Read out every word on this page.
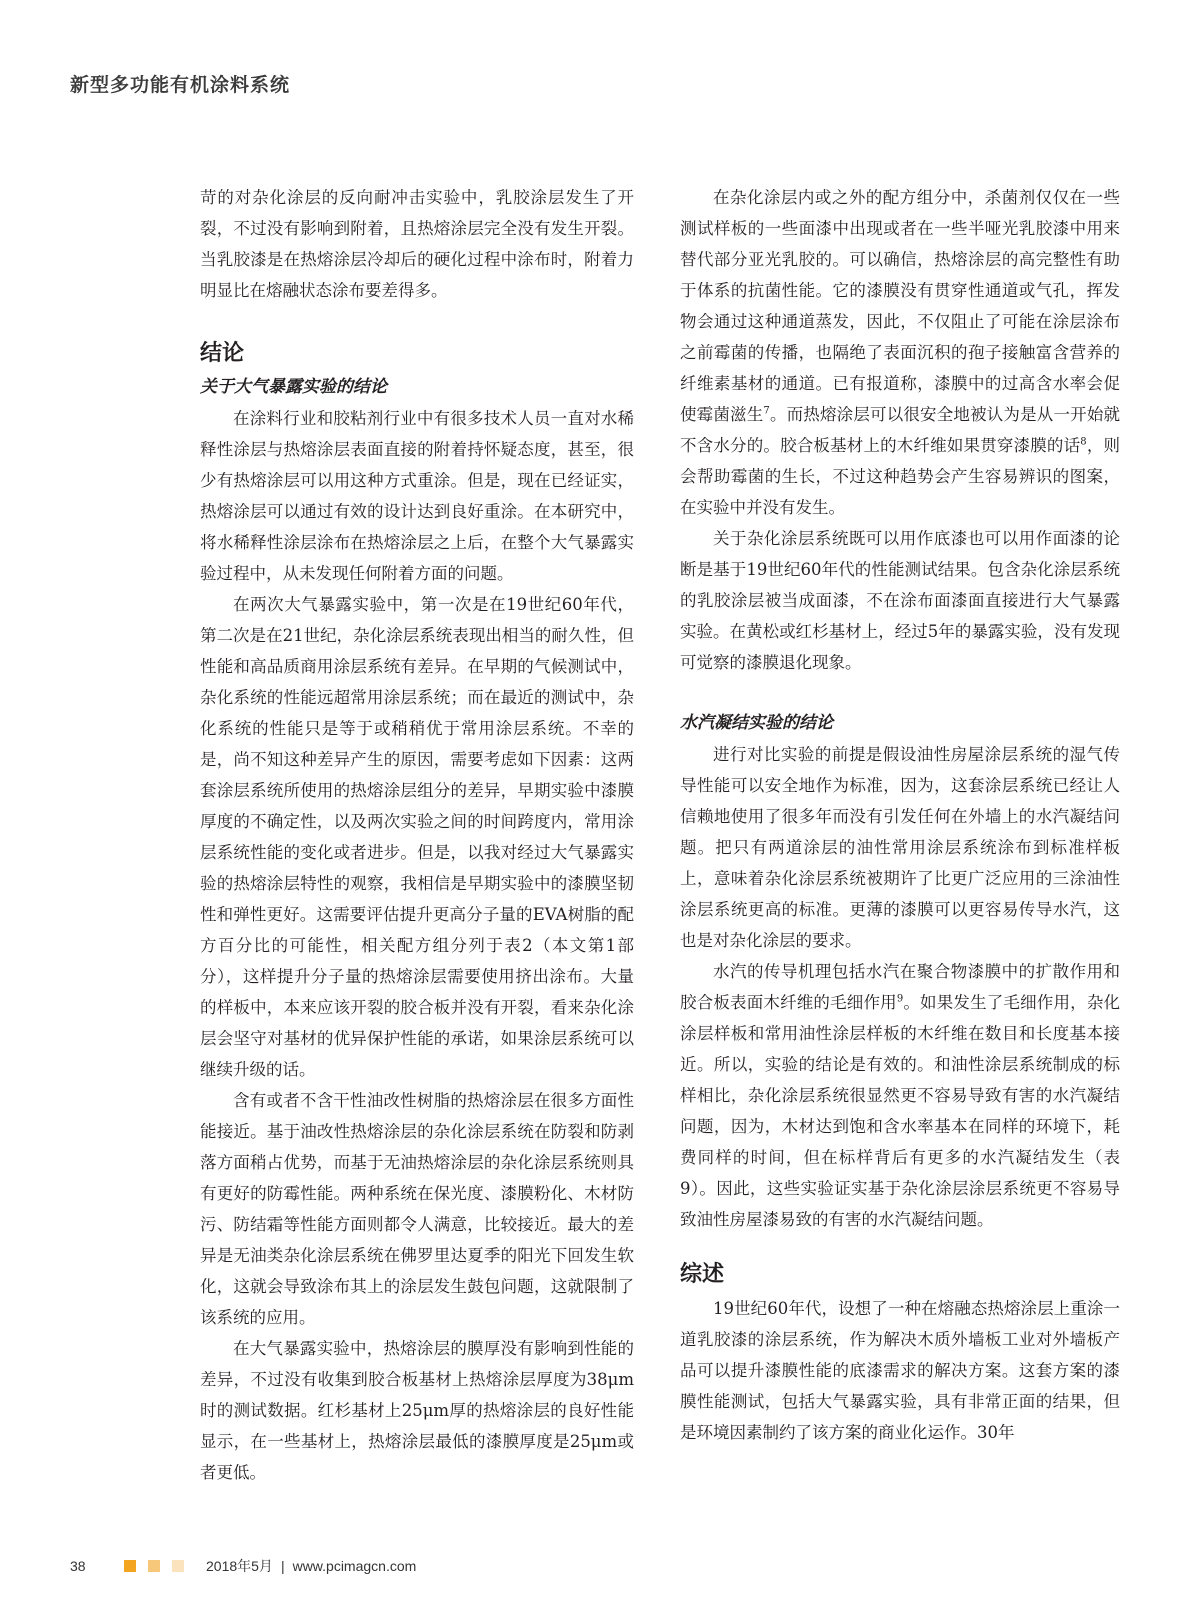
新型多功能有机涂料系统

苛的对杂化涂层的反向耐冲击实验中，乳胶涂层发生了开裂，不过没有影响到附着，且热熔涂层完全没有发生开裂。当乳胶漆是在热熔涂层冷却后的硬化过程中涂布时，附着力明显比在熔融状态涂布要差得多。

结论
关于大气暴露实验的结论

在涂料行业和胶粘剂行业中有很多技术人员一直对水稀释性涂层与热熔涂层表面直接的附着持怀疑态度，甚至，很少有热熔涂层可以用这种方式重涂。但是，现在已经证实，热熔涂层可以通过有效的设计达到良好重涂。在本研究中，将水稀释性涂层涂布在热熔涂层之上后，在整个大气暴露实验过程中，从未发现任何附着方面的问题。

在两次大气暴露实验中，第一次是在19世纪60年代，第二次是在21世纪，杂化涂层系统表现出相当的耐久性，但性能和高品质商用涂层系统有差异。在早期的气候测试中，杂化系统的性能远超常用涂层系统；而在最近的测试中，杂化系统的性能只是等于或稍稍优于常用涂层系统。不幸的是，尚不知这种差异产生的原因，需要考虑如下因素：这两套涂层系统所使用的热熔涂层组分的差异，早期实验中漆膜厚度的不确定性，以及两次实验之间的时间跨度内，常用涂层系统性能的变化或者进步。但是，以我对经过大气暴露实验的热熔涂层特性的观察，我相信是早期实验中的漆膜坚韧性和弹性更好。这需要评估提升更高分子量的EVA树脂的配方百分比的可能性，相关配方组分列于表2（本文第1部分），这样提升分子量的热熔涂层需要使用挤出涂布。大量的样板中，本来应该开裂的胶合板并没有开裂，看来杂化涂层会坚守对基材的优异保护性能的承诺，如果涂层系统可以继续升级的话。

含有或者不含干性油改性树脂的热熔涂层在很多方面性能接近。基于油改性热熔涂层的杂化涂层系统在防裂和防剥落方面稍占优势，而基于无油热熔涂层的杂化涂层系统则具有更好的防霉性能。两种系统在保光度、漆膜粉化、木材防污、防结霜等性能方面则都令人满意，比较接近。最大的差异是无油类杂化涂层系统在佛罗里达夏季的阳光下回发生软化，这就会导致涂布其上的涂层发生鼓包问题，这就限制了该系统的应用。

在大气暴露实验中，热熔涂层的膜厚没有影响到性能的差异，不过没有收集到胶合板基材上热熔涂层厚度为38μm时的测试数据。红杉基材上25μm厚的热熔涂层的良好性能显示，在一些基材上，热熔涂层最低的漆膜厚度是25μm或者更低。

在杂化涂层内或之外的配方组分中，杀菌剂仅仅在一些测试样板的一些面漆中出现或者在一些半哑光乳胶漆中用来替代部分亚光乳胶的。可以确信，热熔涂层的高完整性有助于体系的抗菌性能。它的漆膜没有贯穿性通道或气孔，挥发物会通过这种通道蒸发，因此，不仅阻止了可能在涂层涂布之前霉菌的传播，也隔绝了表面沉积的孢子接触富含营养的纤维素基材的通道。已有报道称，漆膜中的过高含水率会促使霉菌滋生$^7$。而热熔涂层可以很安全地被认为是从一开始就不含水分的。胶合板基材上的木纤维如果贯穿漆膜的话$^8$，则会帮助霉菌的生长，不过这种趋势会产生容易辨识的图案，在实验中并没有发生。

关于杂化涂层系统既可以用作底漆也可以用作面漆的论断是基于19世纪60年代的性能测试结果。包含杂化涂层系统的乳胶涂层被当成面漆，不在涂布面漆面直接进行大气暴露实验。在黄松或红杉基材上，经过5年的暴露实验，没有发现可觉察的漆膜退化现象。

水汽凝结实验的结论

进行对比实验的前提是假设油性房屋涂层系统的湿气传导性能可以安全地作为标准，因为，这套涂层系统已经让人信赖地使用了很多年而没有引发任何在外墙上的水汽凝结问题。把只有两道涂层的油性常用涂层系统涂布到标准样板上，意味着杂化涂层系统被期许了比更广泛应用的三涂油性涂层系统更高的标准。更薄的漆膜可以更容易传导水汽，这也是对杂化涂层的要求。

水汽的传导机理包括水汽在聚合物漆膜中的扩散作用和胶合板表面木纤维的毛细作用$^9$。如果发生了毛细作用，杂化涂层样板和常用油性涂层样板的木纤维在数目和长度基本接近。所以，实验的结论是有效的。和油性涂层系统制成的标样相比，杂化涂层系统很显然更不容易导致有害的水汽凝结问题，因为，木材达到饱和含水率基本在同样的环境下，耗费同样的时间，但在标样背后有更多的水汽凝结发生（表9）。因此，这些实验证实基于杂化涂层涂层系统更不容易导致油性房屋漆易致的有害的水汽凝结问题。

综述

19世纪60年代，设想了一种在熔融态热熔涂层上重涂一道乳胶漆的涂层系统，作为解决木质外墙板工业对外墙板产品可以提升漆膜性能的底漆需求的解决方案。这套方案的漆膜性能测试，包括大气暴露实验，具有非常正面的结果，但是环境因素制约了该方案的商业化运作。30年

38	2018年5月 | www.pcimagcn.com
